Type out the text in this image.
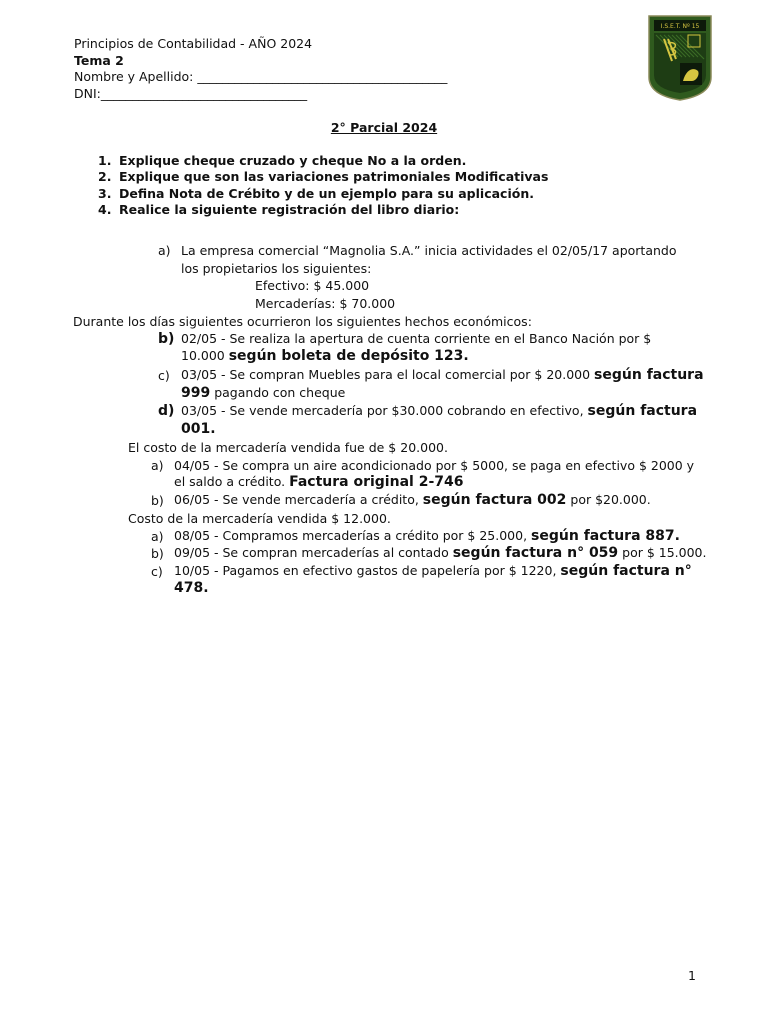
Principios de Contabilidad - AÑO 2024
Tema 2
Nombre y Apellido: ________________________________________
DNI:_________________________________
I.S.E.T. Nº 15
2° Parcial 2024
1. Explique cheque cruzado y cheque No a la orden.
2. Explique que son las variaciones patrimoniales Modificativas
3. Defina Nota de Crébito y de un ejemplo para su aplicación.
4. Realice la siguiente registración del libro diario:
a) La empresa comercial “Magnolia S.A.” inicia actividades el 02/05/17 aportando
los propietarios los siguientes:
Efectivo: $ 45.000
Mercaderías: $ 70.000
Durante los días siguientes ocurrieron los siguientes hechos económicos:
b) 02/05 - Se realiza la apertura de cuenta corriente en el Banco Nación por $
10.000 según boleta de depósito 123.
c) 03/05 - Se compran Muebles para el local comercial por $ 20.000 según factura
999 pagando con cheque
d) 03/05 - Se vende mercadería por $30.000 cobrando en efectivo, según factura
001.
El costo de la mercadería vendida fue de $ 20.000.
a) 04/05 - Se compra un aire acondicionado por $ 5000, se paga en efectivo $ 2000 y
el saldo a crédito. Factura original 2-746
b) 06/05 - Se vende mercadería a crédito, según factura 002 por $20.000.
Costo de la mercadería vendida $ 12.000.
a) 08/05 - Compramos mercaderías a crédito por $ 25.000, según factura 887.
b) 09/05 - Se compran mercaderías al contado según factura n° 059 por $ 15.000.
c) 10/05 - Pagamos en efectivo gastos de papelería por $ 1220, según factura n°
478.
1
